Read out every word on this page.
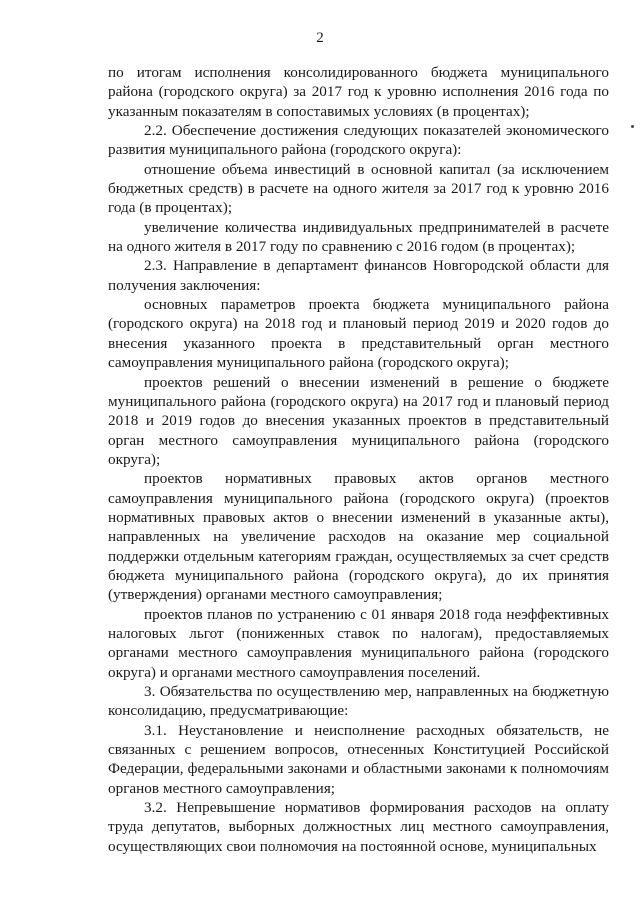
2

по итогам исполнения консолидированного бюджета муниципального района (городского округа) за 2017 год к уровню исполнения 2016 года по указанным показателям в сопоставимых условиях (в процентах);

2.2. Обеспечение достижения следующих показателей экономического развития муниципального района (городского округа):

отношение объема инвестиций в основной капитал (за исключением бюджетных средств) в расчете на одного жителя за 2017 год к уровню 2016 года (в процентах);

увеличение количества индивидуальных предпринимателей в расчете на одного жителя в 2017 году по сравнению с 2016 годом (в процентах);

2.3. Направление в департамент финансов Новгородской области для получения заключения:

основных параметров проекта бюджета муниципального района (городского округа) на 2018 год и плановый период 2019 и 2020 годов до внесения указанного проекта в представительный орган местного самоуправления муниципального района (городского округа);

проектов решений о внесении изменений в решение о бюджете муниципального района (городского округа) на 2017 год и плановый период 2018 и 2019 годов до внесения указанных проектов в представительный орган местного самоуправления муниципального района (городского округа);

проектов нормативных правовых актов органов местного самоуправления муниципального района (городского округа) (проектов нормативных правовых актов о внесении изменений в указанные акты), направленных на увеличение расходов на оказание мер социальной поддержки отдельным категориям граждан, осуществляемых за счет средств бюджета муниципального района (городского округа), до их принятия (утверждения) органами местного самоуправления;

проектов планов по устранению с 01 января 2018 года неэффективных налоговых льгот (пониженных ставок по налогам), предоставляемых органами местного самоуправления муниципального района (городского округа) и органами местного самоуправления поселений.

3. Обязательства по осуществлению мер, направленных на бюджетную консолидацию, предусматривающие:

3.1. Неустановление и неисполнение расходных обязательств, не связанных с решением вопросов, отнесенных Конституцией Российской Федерации, федеральными законами и областными законами к полномочиям органов местного самоуправления;

3.2. Непревышение нормативов формирования расходов на оплату труда депутатов, выборных должностных лиц местного самоуправления, осуществляющих свои полномочия на постоянной основе, муниципальных
